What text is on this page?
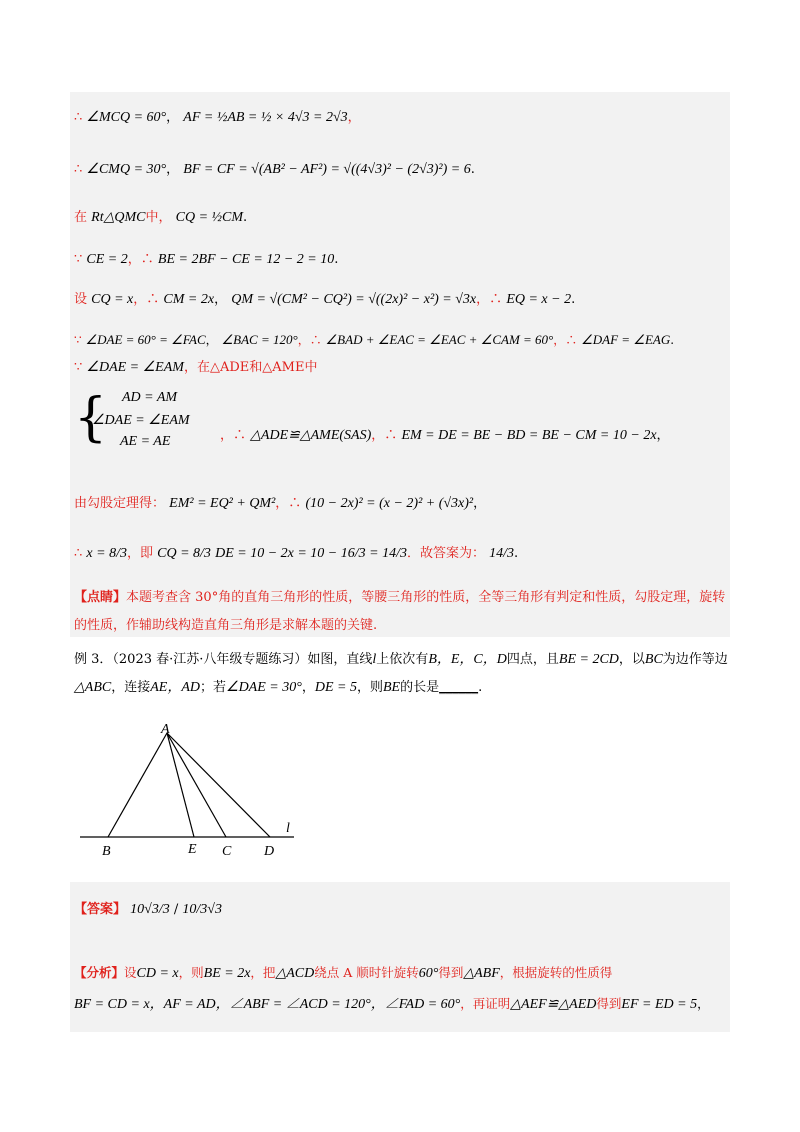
∴ ∠MCQ = 60°， AF = ½AB = ½ × 4√3 = 2√3，
∴ ∠CMQ = 30°， BF = CF = √(AB² − AF²) = √((4√3)² − (2√3)²) = 6.
在 Rt△QMC中， CQ = ½CM.
∵ CE = 2，∴ BE = 2BF − CE = 12 − 2 = 10.
设 CQ = x，∴ CM = 2x， QM = √(CM² − CQ²) = √((2x)² − x²) = √3x，∴ EQ = x − 2.
∵ ∠DAE = 60° = ∠FAC， ∠BAC = 120°，∴ ∠BAD + ∠EAC = ∠EAC + ∠CAM = 60°，∴ ∠DAF = ∠EAG.
∵ ∠DAE = ∠EAM，在△ADE和△AME中
{ AD = AM
∠DAE = ∠EAM
AE = AE	，∴ △ADE≌△AME(SAS)，∴ EM = DE = BE − BD = BE − CM = 10 − 2x，
由勾股定理得： EM² = EQ² + QM²，∴ (10 − 2x)² = (x − 2)² + (√3x)²，
∴ x = 8/3，即 CQ = 8/3 DE = 10 − 2x = 10 − 16/3 = 14/3．故答案为： 14/3.
【点睛】本题考查含 30°角的直角三角形的性质，等腰三角形的性质，全等三角形有判定和性质，勾股定理，旋转的性质，作辅助线构造直角三角形是求解本题的关键.
例 3．（2023 春·江苏·八年级专题练习）如图，直线l上依次有B，E，C，D四点，且BE = 2CD，以BC为边作等边△ABC，连接AE，AD；若∠DAE = 30°，DE = 5，则BE的长是______.
A
B	E C D
l
【答案】 10√3/3 / 10/3√3
【分析】设CD = x，则BE = 2x，把△ACD绕点 A 顺时针旋转60°得到△ABF，根据旋转的性质得
BF = CD = x，AF = AD，∠ABF = ∠ACD = 120°，∠FAD = 60°，再证明△AEF≌△AED得到EF = ED = 5，
